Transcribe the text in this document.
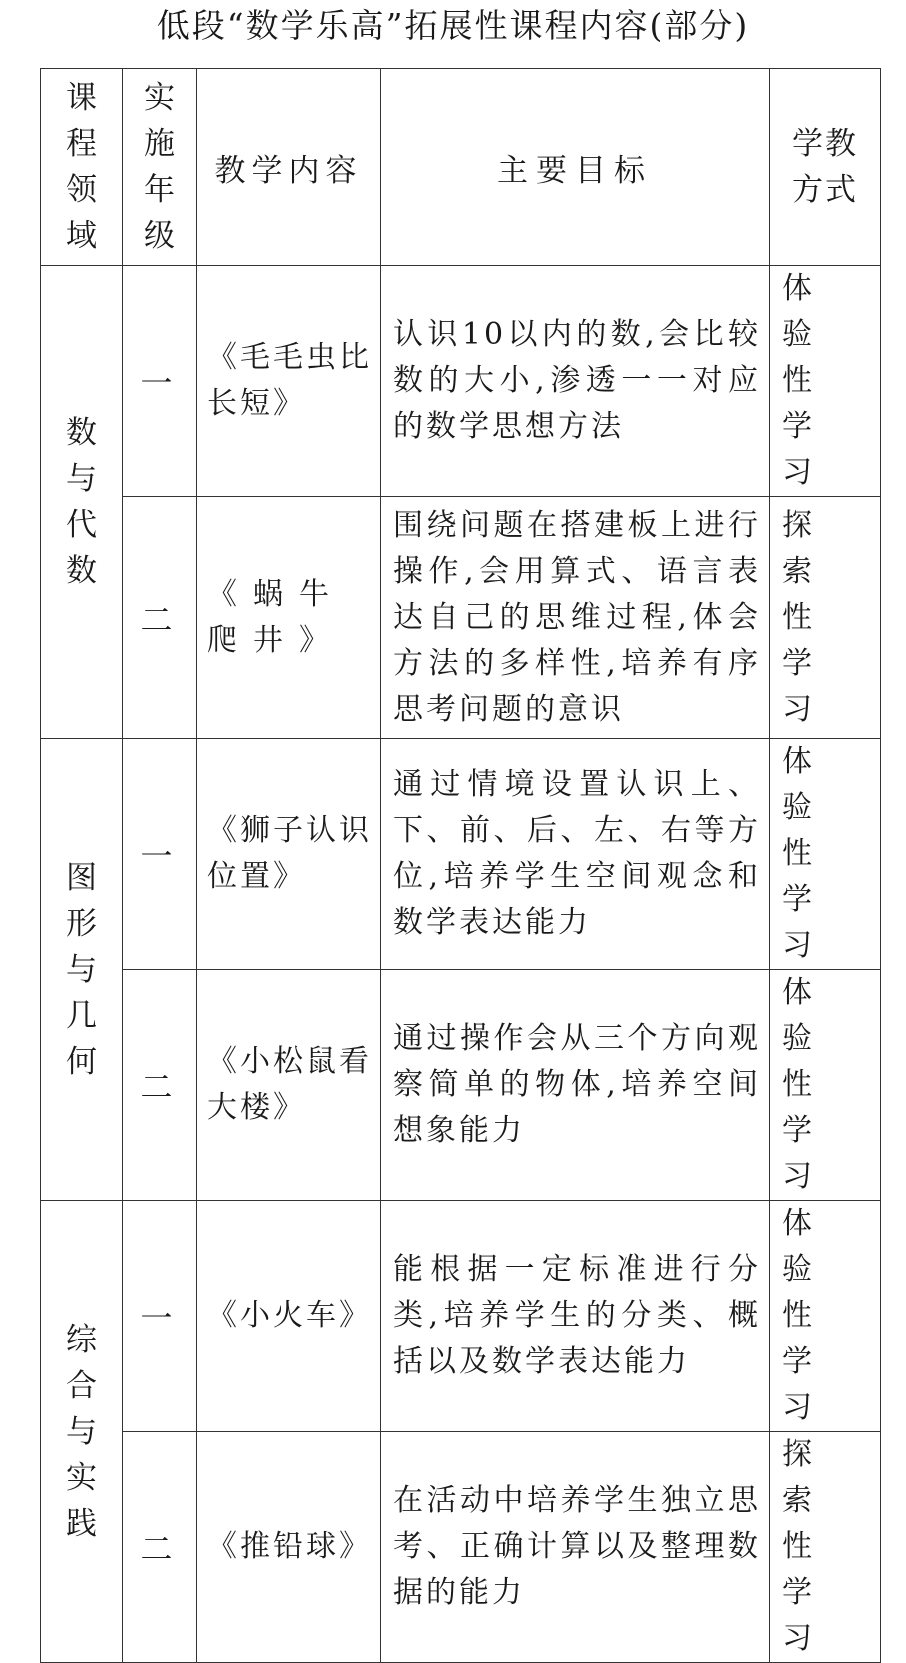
低段“数学乐高”拓展性课程内容(部分)
课
程
领
域	实
施
年
级	教学内容	主要目标	学教
方式

数
与
代
数	一	《毛毛虫比长短》	认识10以内的数,会比较数的大小,渗透一一对应的数学思想方法	体验性学习
	二	《蜗牛爬井》	围绕问题在搭建板上进行操作,会用算式、语言表达自己的思维过程,体会方法的多样性,培养有序思考问题的意识	探索性学习

图
形
与
几
何	一	《狮子认识位置》	通过情境设置认识上、下、前、后、左、右等方位,培养学生空间观念和数学表达能力	体验性学习
	二	《小松鼠看大楼》	通过操作会从三个方向观察简单的物体,培养空间想象能力	体验性学习

综
合
与
实
践	一	《小火车》	能根据一定标准进行分类,培养学生的分类、概括以及数学表达能力	体验性学习
	二	《推铅球》	在活动中培养学生独立思考、正确计算以及整理数据的能力	探索性学习
